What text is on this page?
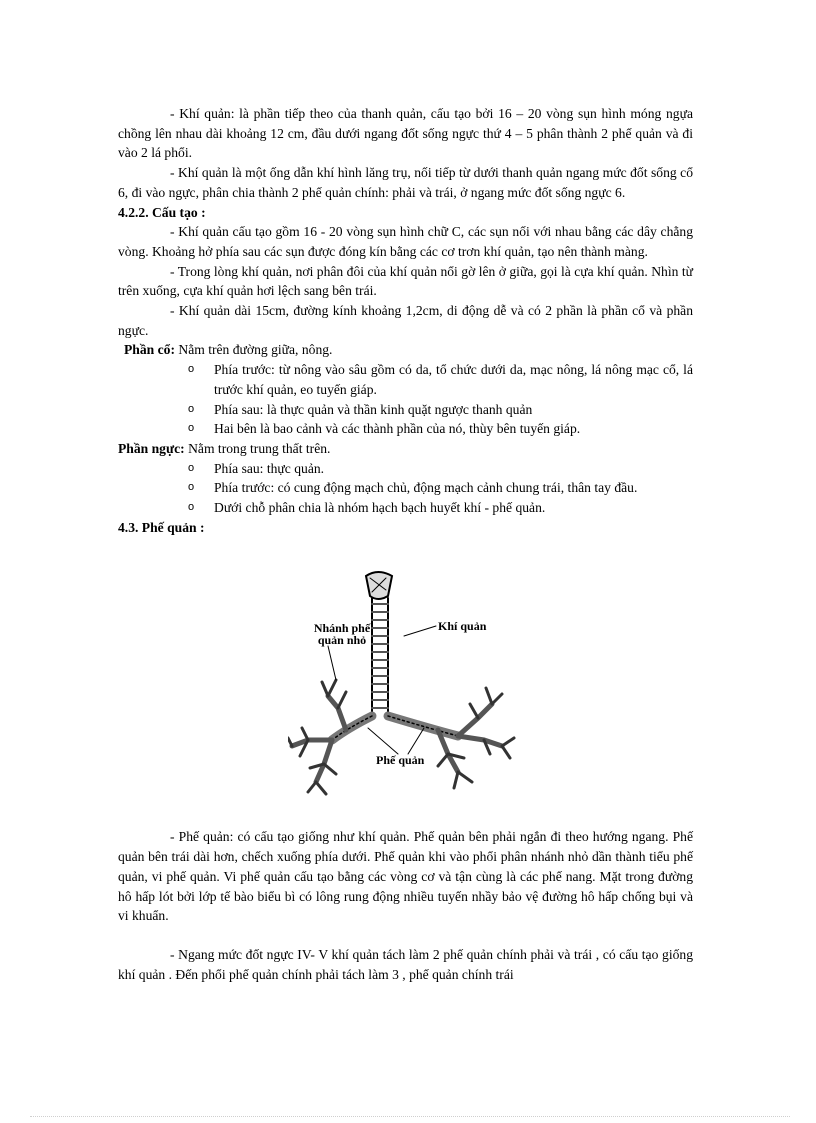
- Khí quản: là phần tiếp theo của thanh quản, cấu tạo bởi 16 – 20 vòng sụn hình móng ngựa chồng lên nhau dài khoảng 12 cm, đầu dưới ngang đốt sống ngực thứ 4 – 5 phân thành 2 phế quản và đi vào 2 lá phổi.

- Khí quản là một ống dẫn khí hình lăng trụ, nối tiếp từ dưới thanh quản ngang mức đốt sống cổ 6, đi vào ngực, phân chia thành 2 phế quản chính: phải và trái, ở ngang mức đốt sống ngực 6.

4.2.2. Cấu tạo :

- Khí quản cấu tạo gồm 16 - 20 vòng sụn hình chữ C, các sụn nối với nhau bằng các dây chằng vòng. Khoảng hở phía sau các sụn được đóng kín bằng các cơ trơn khí quản, tạo nên thành màng.

- Trong lòng khí quản, nơi phân đôi của khí quản nổi gờ lên ở giữa, gọi là cựa khí quản. Nhìn từ trên xuống, cựa khí quản hơi lệch sang bên trái.

- Khí quản dài 15cm, đường kính khoảng 1,2cm, di động dễ và có 2 phần là phần cổ và phần ngực.

Phần cổ: Nằm trên đường giữa, nông.

o Phía trước: từ nông vào sâu gồm có da, tổ chức dưới da, mạc nông, lá nông mạc cổ, lá trước khí quản, eo tuyến giáp.
o Phía sau: là thực quản và thần kinh quặt ngược thanh quản
o Hai bên là bao cảnh và các thành phần của nó, thùy bên tuyến giáp.

Phần ngực: Nằm trong trung thất trên.

o Phía sau: thực quản.
o Phía trước: có cung động mạch chủ, động mạch cảnh chung trái, thân tay đầu.
o Dưới chỗ phân chia là nhóm hạch bạch huyết khí - phế quản.

4.3. Phế quản :

Nhánh phế quản nhỏ
Khí quản
Phế quản

- Phế quản: có cấu tạo giống như khí quản. Phế quản bên phải ngắn đi theo hướng ngang. Phế quản bên trái dài hơn, chếch xuống phía dưới. Phế quản khi vào phổi phân nhánh nhỏ dần thành tiểu phế quản, vi phế quản. Vi phế quản cấu tạo bằng các vòng cơ và tận cùng là các phế nang. Mặt trong đường hô hấp lót bởi lớp tế bào biểu bì có lông rung động nhiều tuyến nhầy bảo vệ đường hô hấp chống bụi và vi khuẩn.

- Ngang mức đốt ngực IV- V khí quản tách làm 2 phế quản chính phải và trái , có cấu tạo giống khí quản . Đến phổi phế quản chính phải tách làm 3 , phế quản chính trái
